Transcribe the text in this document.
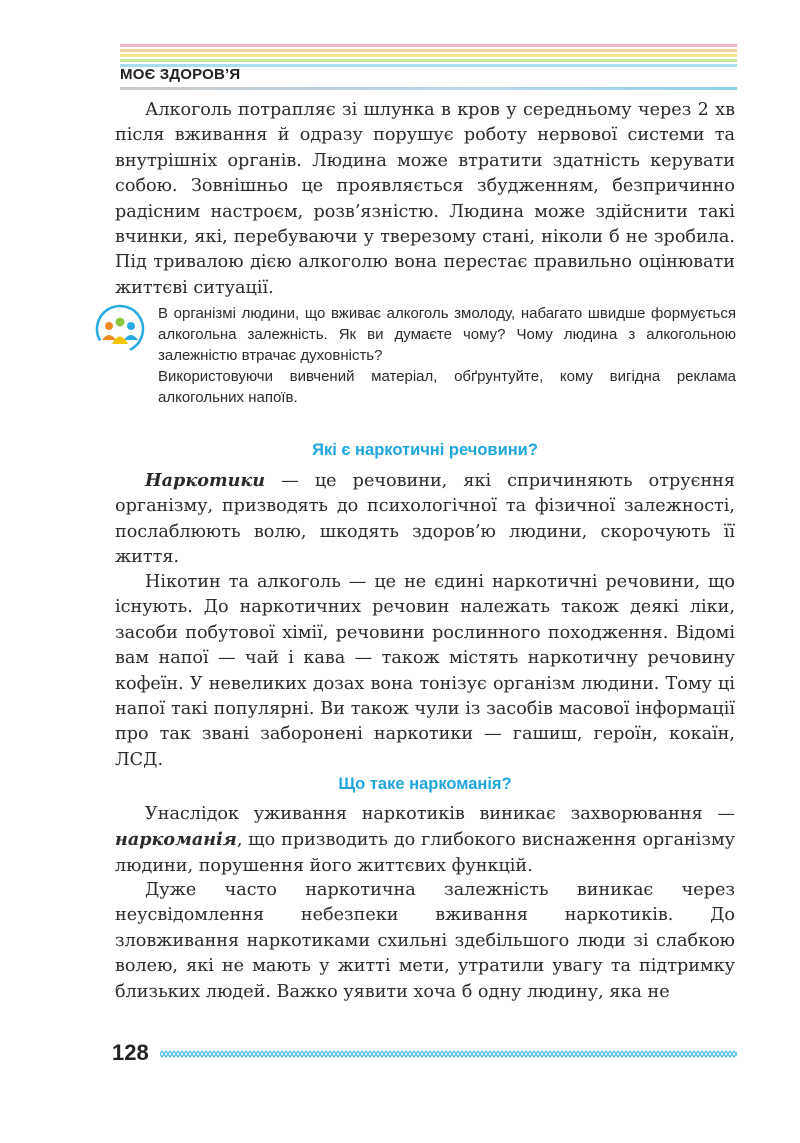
МОЄ ЗДОРОВ’Я

Алкоголь потрапляє зі шлунка в кров у середньому через 2 хв після вживання й одразу порушує роботу нервової системи та внутрішніх органів. Людина може втратити здатність керувати собою. Зовнішньо це проявляється збудженням, безпричинно радісним настроєм, розв’язністю. Людина може здійснити такі вчинки, які, перебуваючи у тверезому стані, ніколи б не зробила. Під тривалою дією алкоголю вона перестає правильно оцінювати життєві ситуації.

В організмі людини, що вживає алкоголь змолоду, набагато швидше формується алкогольна залежність. Як ви думаєте чому? Чому людина з алкогольною залежністю втрачає духовність?
Використовуючи вивчений матеріал, обґрунтуйте, кому вигідна реклама алкогольних напоїв.
Які є наркотичні речовини?

Наркотики — це речовини, які спричиняють отруєння організму, призводять до психологічної та фізичної залежності, послаблюють волю, шкодять здоров’ю людини, скорочують її життя.

Нікотин та алкоголь — це не єдині наркотичні речовини, що існують. До наркотичних речовин належать також деякі ліки, засоби побутової хімії, речовини рослинного походження. Відомі вам напої — чай і кава — також містять наркотичну речовину кофеїн. У невеликих дозах вона тонізує організм людини. Тому ці напої такі популярні. Ви також чули із засобів масової інформації про так звані заборонені наркотики — гашиш, героїн, кокаїн, ЛСД.

Що таке наркоманія?

Унаслідок уживання наркотиків виникає захворювання — наркоманія, що призводить до глибокого виснаження організму людини, порушення його життєвих функцій.

Дуже часто наркотична залежність виникає через неусвідомлення небезпеки вживання наркотиків. До зловживання наркотиками схильні здебільшого люди зі слабкою волею, які не мають у житті мети, утратили увагу та підтримку близьких людей. Важко уявити хоча б одну людину, яка не

128
